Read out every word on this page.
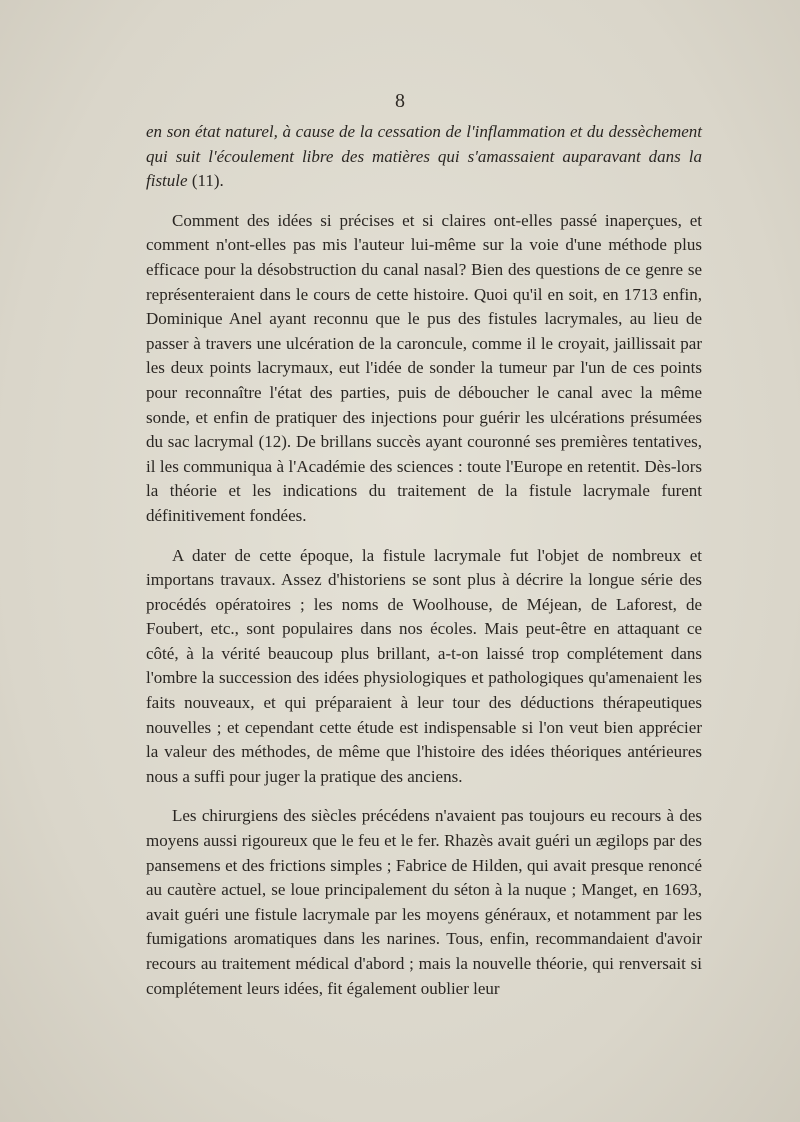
8

en son état naturel, à cause de la cessation de l'inflammation et du dessèchement qui suit l'écoulement libre des matières qui s'amassaient auparavant dans la fistule (11).

Comment des idées si précises et si claires ont-elles passé inaperçues, et comment n'ont-elles pas mis l'auteur lui-même sur la voie d'une méthode plus efficace pour la désobstruction du canal nasal? Bien des questions de ce genre se représenteraient dans le cours de cette histoire. Quoi qu'il en soit, en 1713 enfin, Dominique Anel ayant reconnu que le pus des fistules lacrymales, au lieu de passer à travers une ulcération de la caroncule, comme il le croyait, jaillissait par les deux points lacrymaux, eut l'idée de sonder la tumeur par l'un de ces points pour reconnaître l'état des parties, puis de déboucher le canal avec la même sonde, et enfin de pratiquer des injections pour guérir les ulcérations présumées du sac lacrymal (12). De brillans succès ayant couronné ses premières tentatives, il les communiqua à l'Académie des sciences : toute l'Europe en retentit. Dès-lors la théorie et les indications du traitement de la fistule lacrymale furent définitivement fondées.

A dater de cette époque, la fistule lacrymale fut l'objet de nombreux et importans travaux. Assez d'historiens se sont plus à décrire la longue série des procédés opératoires ; les noms de Woolhouse, de Méjean, de Laforest, de Foubert, etc., sont populaires dans nos écoles. Mais peut-être en attaquant ce côté, à la vérité beaucoup plus brillant, a-t-on laissé trop complétement dans l'ombre la succession des idées physiologiques et pathologiques qu'amenaient les faits nouveaux, et qui préparaient à leur tour des déductions thérapeutiques nouvelles ; et cependant cette étude est indispensable si l'on veut bien apprécier la valeur des méthodes, de même que l'histoire des idées théoriques antérieures nous a suffi pour juger la pratique des anciens.

Les chirurgiens des siècles précédens n'avaient pas toujours eu recours à des moyens aussi rigoureux que le feu et le fer. Rhazès avait guéri un ægilops par des pansemens et des frictions simples ; Fabrice de Hilden, qui avait presque renoncé au cautère actuel, se loue principalement du séton à la nuque ; Manget, en 1693, avait guéri une fistule lacrymale par les moyens généraux, et notamment par les fumigations aromatiques dans les narines. Tous, enfin, recommandaient d'avoir recours au traitement médical d'abord ; mais la nouvelle théorie, qui renversait si complétement leurs idées, fit également oublier leur
